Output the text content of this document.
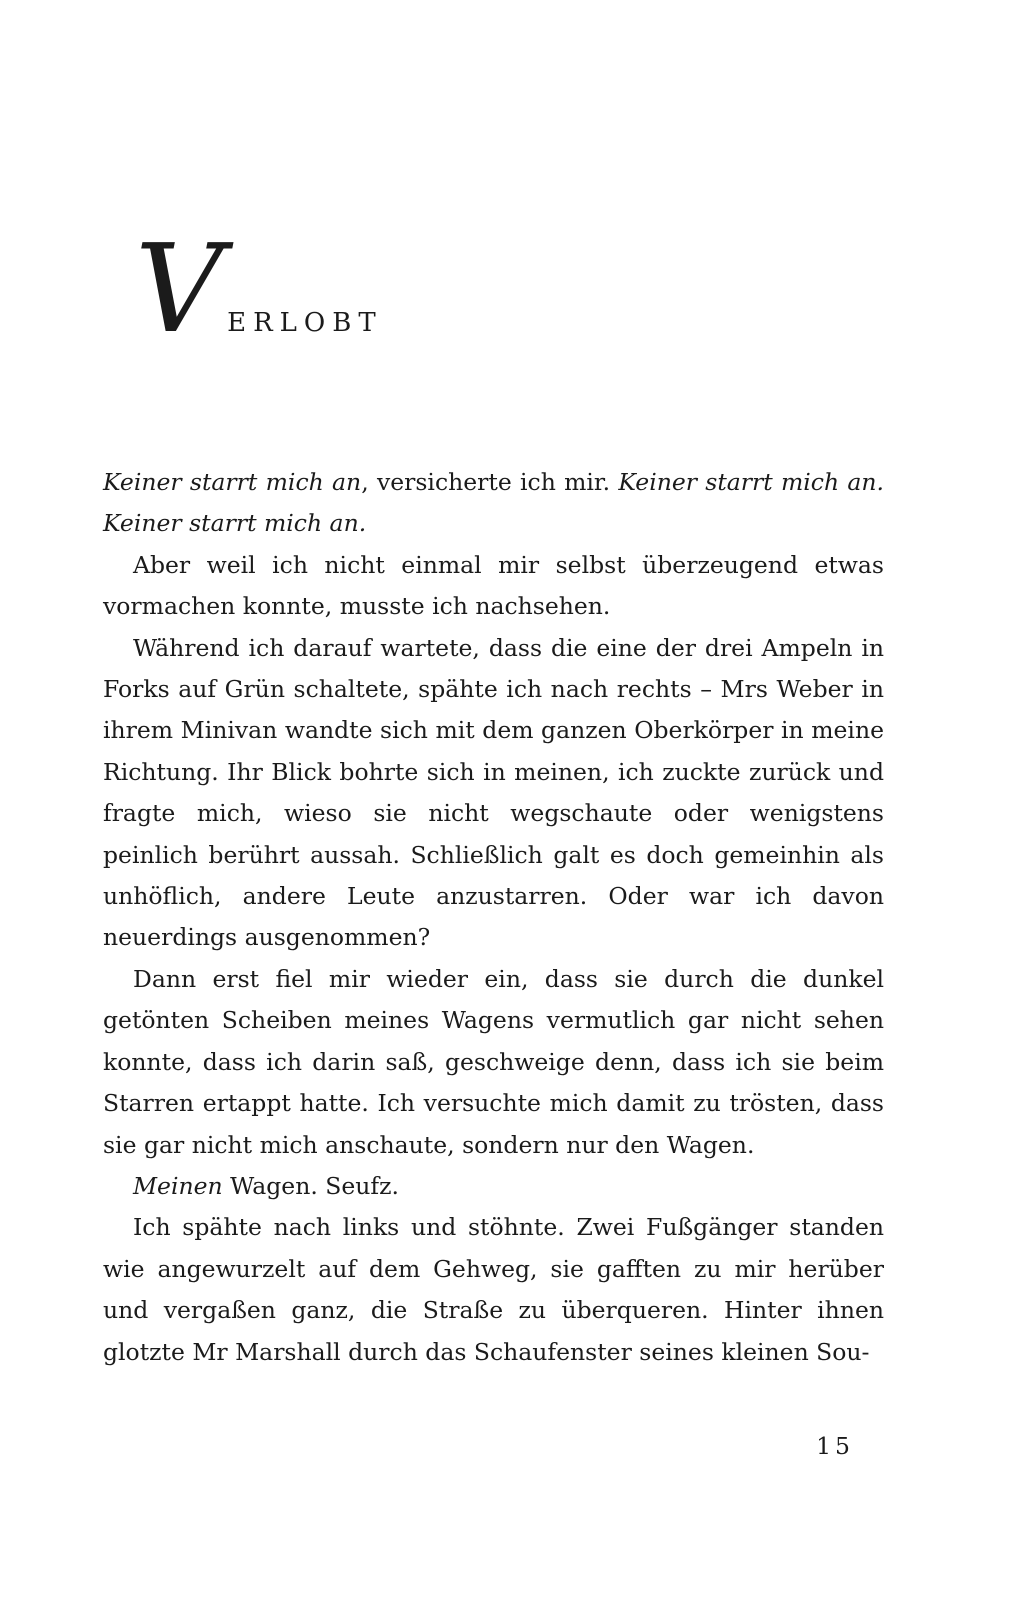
V ERLOBT

Keiner starrt mich an, versicherte ich mir. Keiner starrt mich an. Keiner starrt mich an.

Aber weil ich nicht einmal mir selbst überzeugend etwas vormachen konnte, musste ich nachsehen.

Während ich darauf wartete, dass die eine der drei Ampeln in Forks auf Grün schaltete, spähte ich nach rechts – Mrs Weber in ihrem Minivan wandte sich mit dem ganzen Oberkörper in meine Richtung. Ihr Blick bohrte sich in meinen, ich zuckte zurück und fragte mich, wieso sie nicht wegschaute oder wenigstens peinlich berührt aussah. Schließlich galt es doch gemeinhin als unhöflich, andere Leute anzustarren. Oder war ich davon neuerdings ausgenommen?

Dann erst fiel mir wieder ein, dass sie durch die dunkel getönten Scheiben meines Wagens vermutlich gar nicht sehen konnte, dass ich darin saß, geschweige denn, dass ich sie beim Starren ertappt hatte. Ich versuchte mich damit zu trösten, dass sie gar nicht mich anschaute, sondern nur den Wagen.

Meinen Wagen. Seufz.

Ich spähte nach links und stöhnte. Zwei Fußgänger standen wie angewurzelt auf dem Gehweg, sie gafften zu mir herüber und vergaßen ganz, die Straße zu überqueren. Hinter ihnen glotzte Mr Marshall durch das Schaufenster seines kleinen Sou-

15
